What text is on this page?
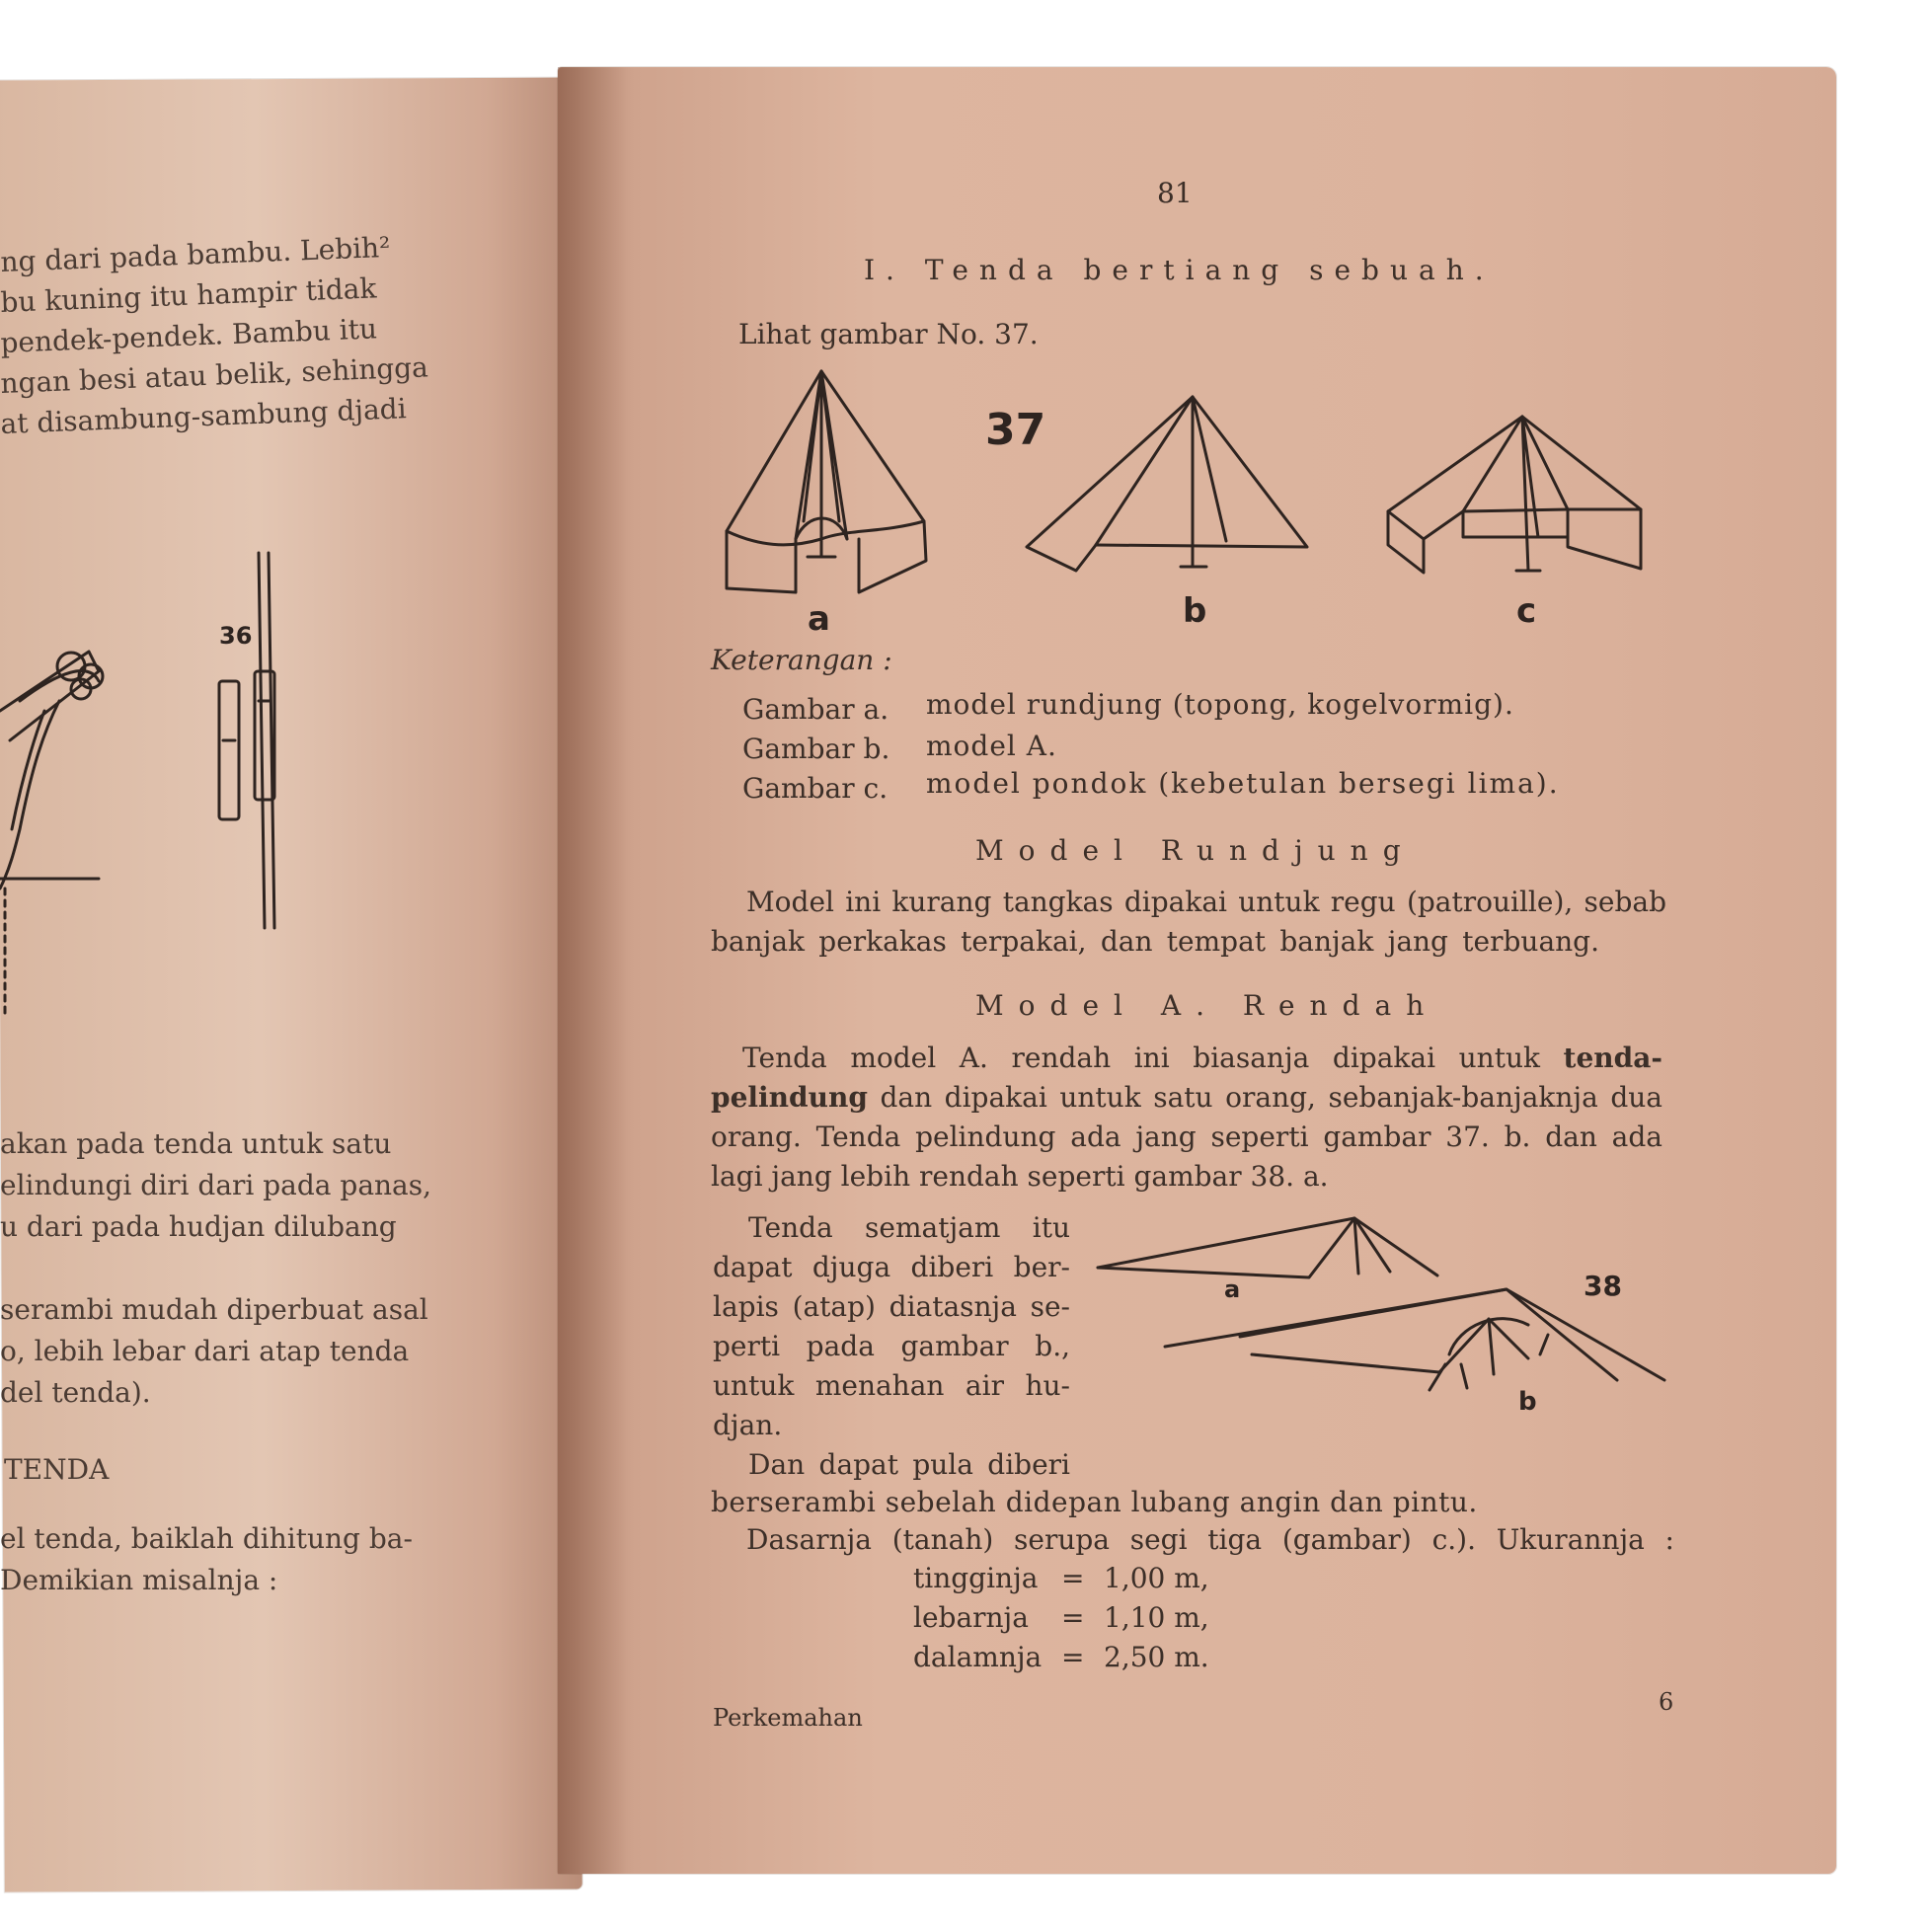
ng dari pada bambu. Lebih²
bu kuning itu hampir tidak
pendek-pendek. Bambu itu
ngan besi atau belik, sehingga
at disambung-sambung djadi
36
akan pada tenda untuk satu
elindungi diri dari pada panas,
u dari pada hudjan dilubang
serambi mudah diperbuat asal
o, lebih lebar dari atap tenda
del tenda).
TENDA
el tenda, baiklah dihitung ba-
Demikian misalnja :
81
I. Tenda bertiang sebuah.
Lihat gambar No. 37.
37
a	b	c
Keterangan :
Gambar a. model rundjung (topong, kogelvormig).
Gambar b. model A.
Gambar c. model pondok (kebetulan bersegi lima).
Model Rundjung
Model ini kurang tangkas dipakai untuk regu (patrouille), sebab
banjak perkakas terpakai, dan tempat banjak jang terbuang.
Model A. Rendah
Tenda model A. rendah ini biasanja dipakai untuk tenda-
pelindung dan dipakai untuk satu orang, sebanjak-banjaknja dua
orang. Tenda pelindung ada jang seperti gambar 37. b. dan ada
lagi jang lebih rendah seperti gambar 38. a.
Tenda sematjam itu
dapat djuga diberi ber-
lapis (atap) diatasnja se-
perti pada gambar b.,
untuk menahan air hu-
djan.
Dan dapat pula diberi
a	38
b
berserambi sebelah didepan lubang angin dan pintu.
Dasarnja (tanah) serupa segi tiga (gambar) c.). Ukurannja :
tingginja = 1,00 m,
lebarnja = 1,10 m,
dalamnja = 2,50 m.
Perkemahan
6
